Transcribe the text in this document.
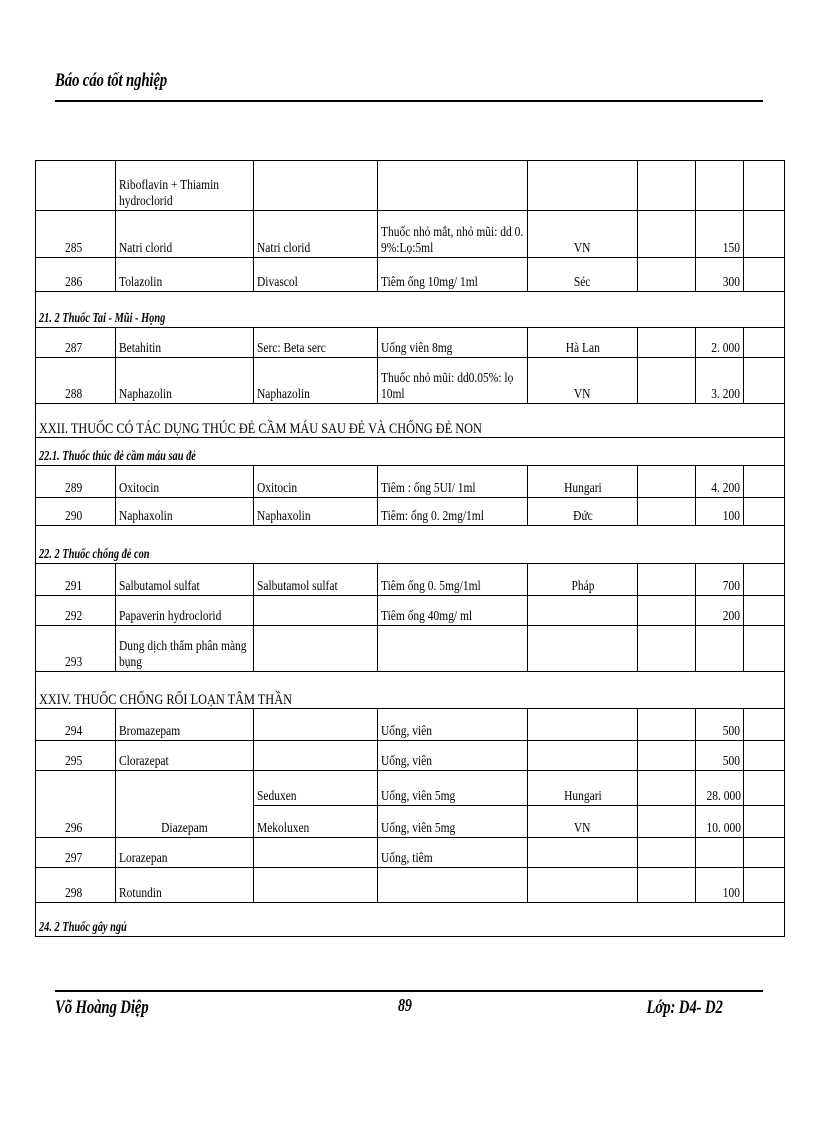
Báo cáo tốt nghiệp
	Riboflavin + Thiamin
hydroclorid						
285	Natri clorid	Natri clorid	Thuốc nhỏ mắt, nhỏ mũi: dd 0.
9%:Lọ:5ml	VN		150	
286	Tolazolin	Divascol	Tiêm ống 10mg/ 1ml	Séc		300	
21. 2 Thuốc Tai - Mũi - Họng							
287	Betahitin	Serc: Beta serc	Uống viên 8mg	Hà Lan		2. 000	
288	Naphazolin	Naphazolin	Thuốc nhỏ mũi: dd0.05%: lọ
10ml	VN		3. 200	
XXII. THUỐC CÓ TÁC DỤNG THÚC ĐẺ CẦM MÁU SAU ĐẺ VÀ CHỐNG ĐẺ NON							
22.1. Thuốc thúc đẻ cầm máu sau đẻ							
289	Oxitocin	Oxitocin	Tiêm : ống 5UI/ 1ml	Hungari		4. 200	
290	Naphaxolin	Naphaxolin	Tiêm: ống 0. 2mg/1ml	Đức		100	
22. 2 Thuốc chống đẻ con							
291	Salbutamol sulfat	Salbutamol sulfat	Tiêm ống 0. 5mg/1ml	Pháp		700	
292	Papaverin hydroclorid		Tiêm ống 40mg/ ml			200	
293	Dung dịch thẩm phân màng
bụng						
XXIV. THUỐC CHỐNG RỐI LOẠN TÂM THẦN							
294	Bromazepam		Uống, viên			500	
295	Clorazepat		Uống, viên			500	
296	Diazepam	Seduxen	Uống, viên 5mg	Hungari		28. 000	
		Mekoluxen	Uống, viên 5mg	VN		10. 000	
297	Lorazepan		Uống, tiêm				
298	Rotundin					100	
24. 2 Thuốc gây ngủ							
Võ Hoàng Diệp	89	Lớp: D4- D2
